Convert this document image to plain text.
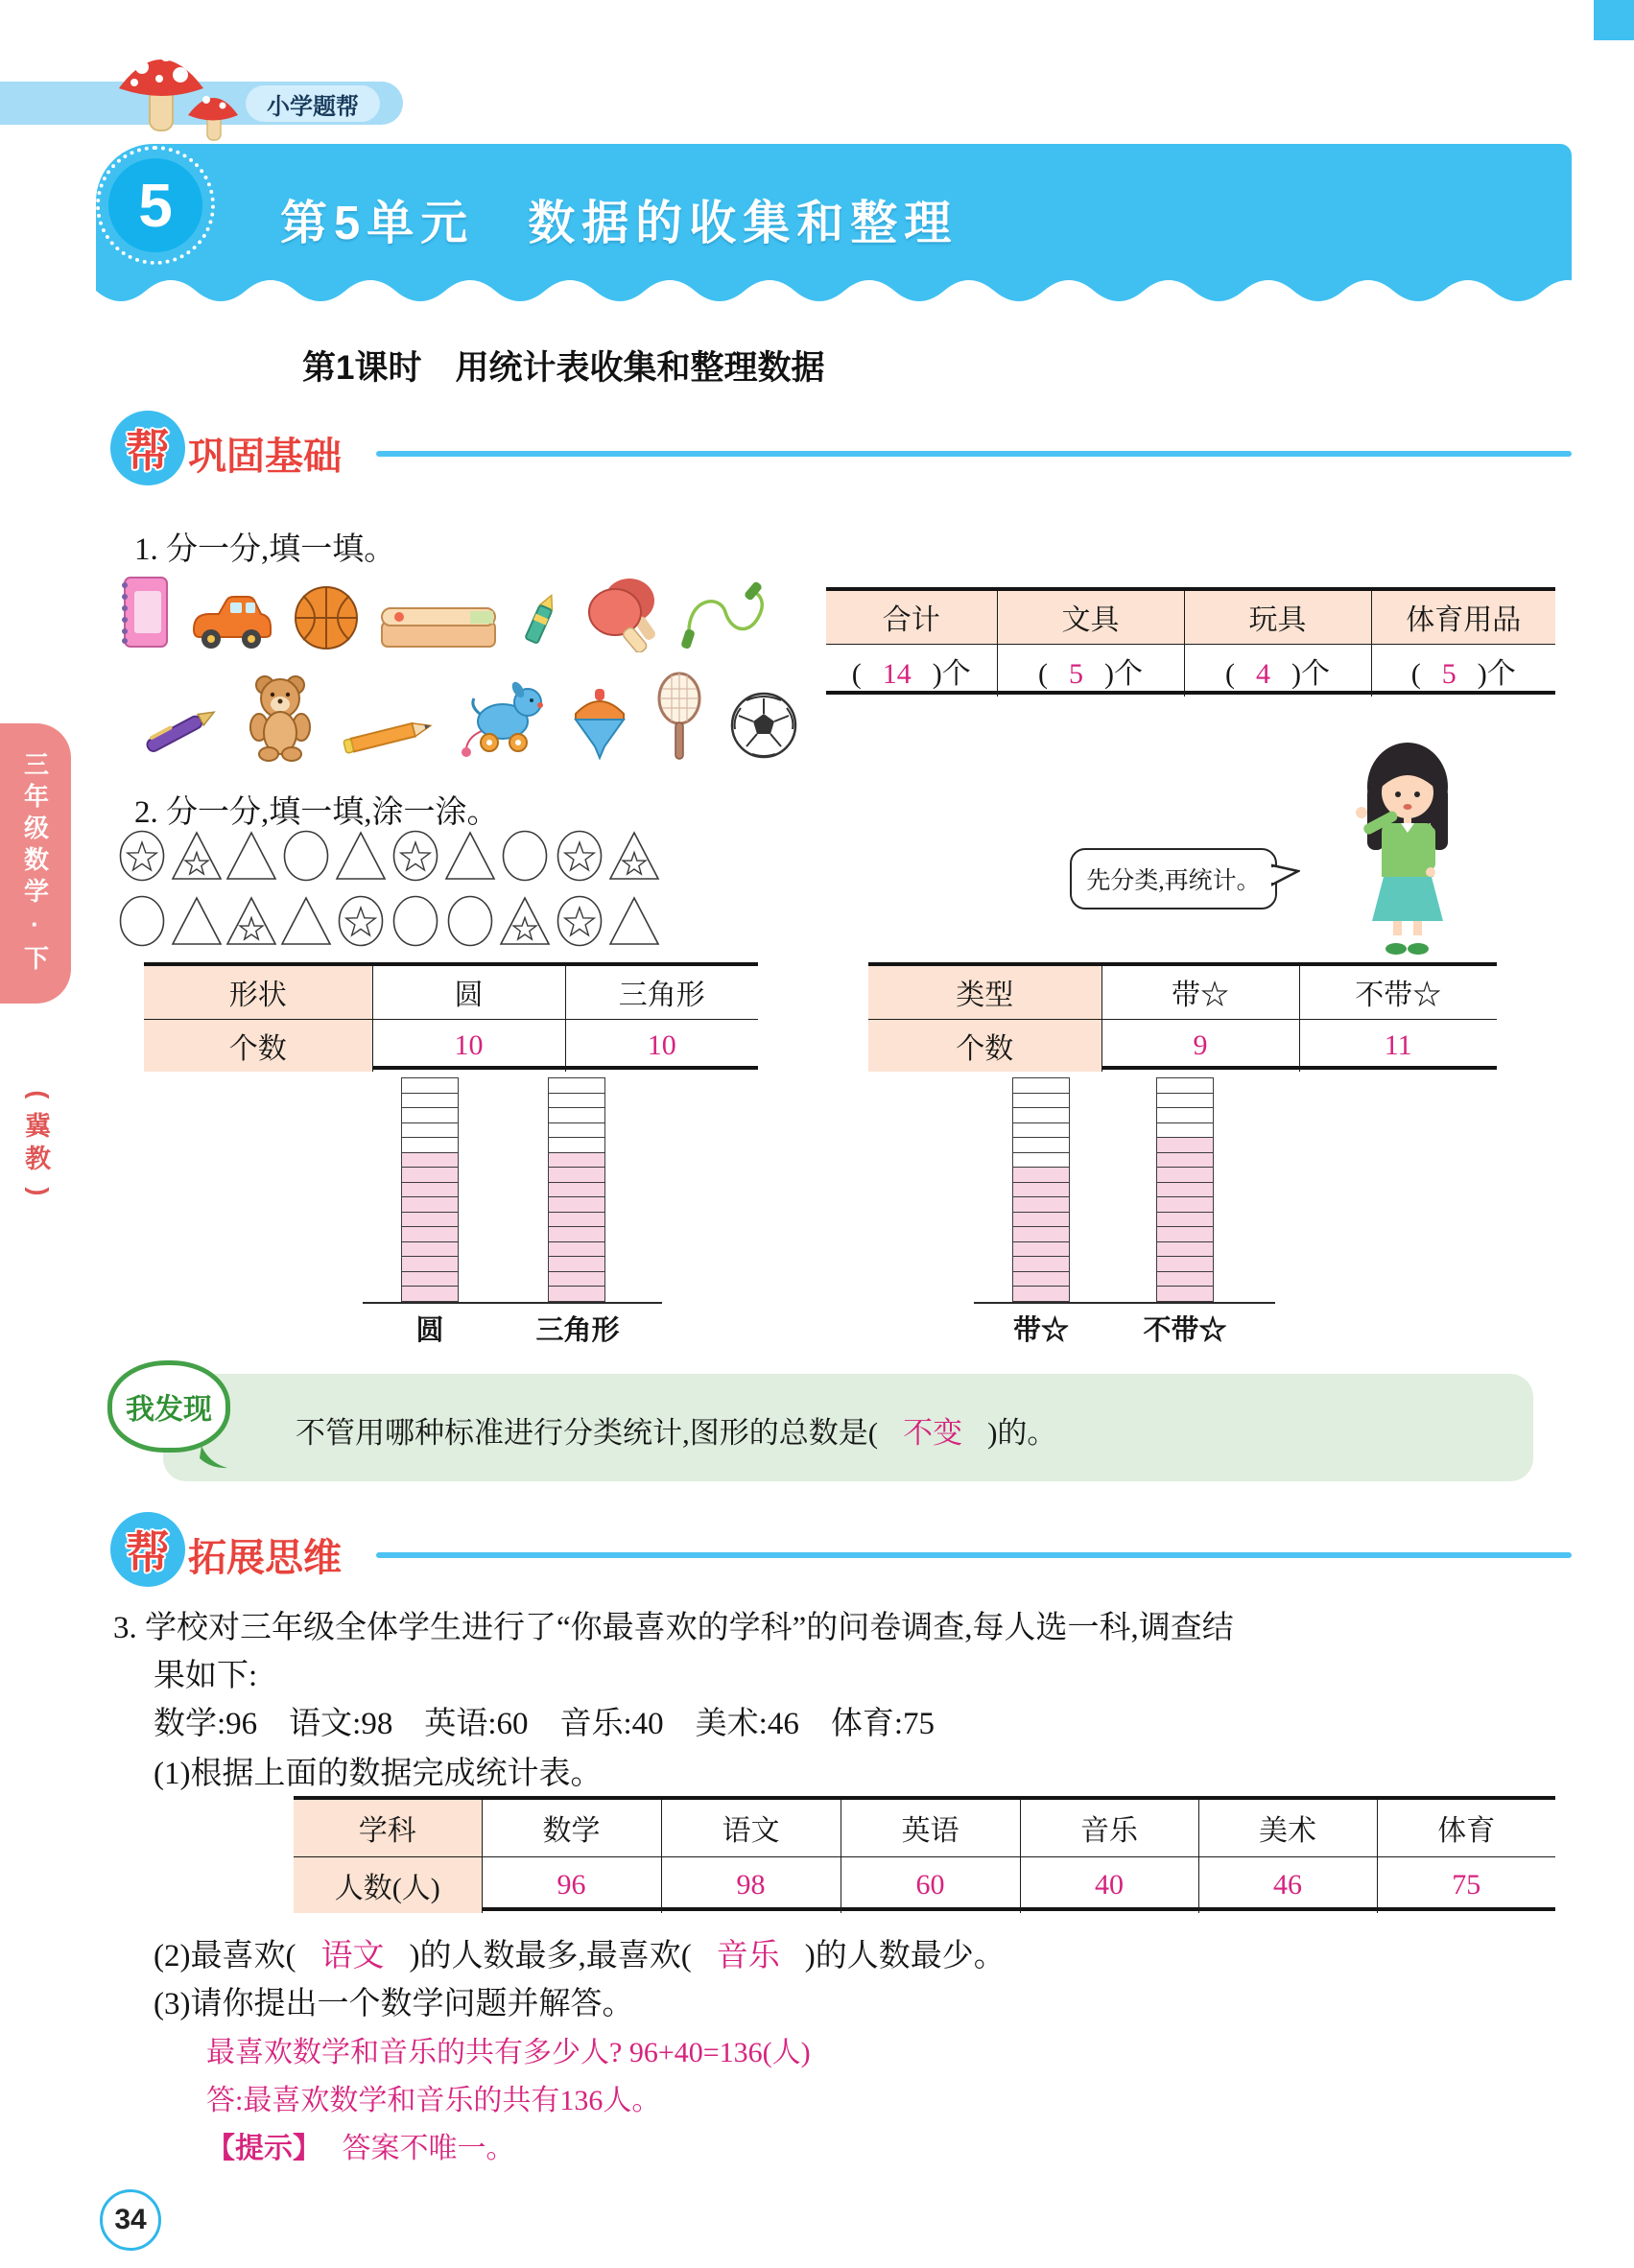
小学题帮
5 第5单元　数据的收集和整理
第1课时　用统计表收集和整理数据
帮 巩固基础
1. 分一分,填一填。
合计	文具	玩具	体育用品
( 14 )个	( 5 )个	( 4 )个	( 5 )个
2. 分一分,填一填,涂一涂。
先分类,再统计。
形状	圆	三角形
个数	10	10
类型	带☆	不带☆
个数	9	11
圆	三角形	带☆	不带☆
我发现
不管用哪种标准进行分类统计,图形的总数是( 不变 )的。
帮 拓展思维
3. 学校对三年级全体学生进行了“你最喜欢的学科”的问卷调查,每人选一科,调查结
果如下:
数学:96　语文:98　英语:60　音乐:40　美术:46　体育:75
(1)根据上面的数据完成统计表。
学科	数学	语文	英语	音乐	美术	体育
人数(人)	96	98	60	40	46	75
(2)最喜欢( 语文 )的人数最多,最喜欢( 音乐 )的人数最少。
(3)请你提出一个数学问题并解答。
最喜欢数学和音乐的共有多少人? 96+40=136(人)
答:最喜欢数学和音乐的共有136人。
【提示】 答案不唯一。
三年级数学·下
(
冀
教
)
34
